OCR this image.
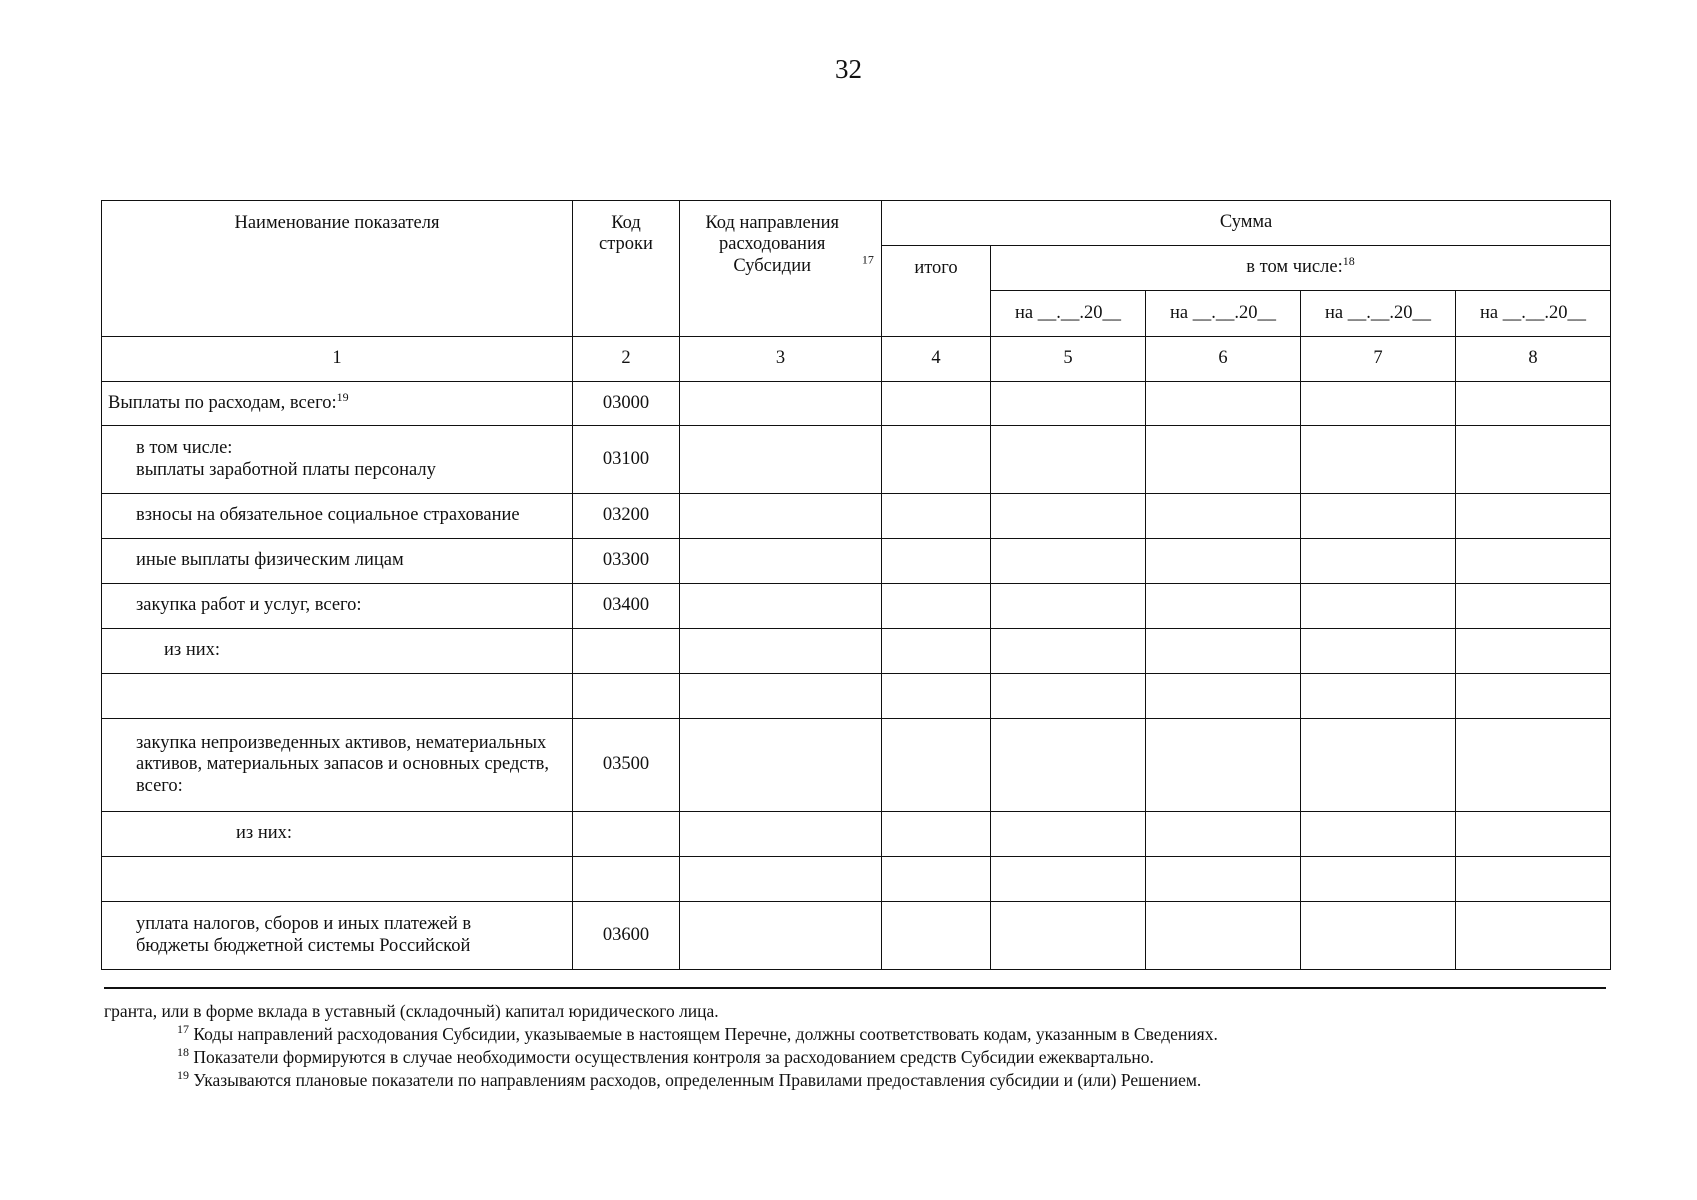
32
Наименование показателя	Код строки	Код направления расходования Субсидии $^{17}$	Сумма				
			итого	в том числе:$^{18}$
				на __.__.20__	на __.__.20__	на __.__.20__	на __.__.20__
1	2	3	4	5	6	7	8
Выплаты по расходам, всего:$^{19}$	03000						

в том числе:
выплаты заработной платы персоналу	03100						
взносы на обязательное социальное страхование	03200						
иные выплаты физическим лицам	03300						
закупка работ и услуг, всего:	03400						
из них:							

закупка непроизведенных активов, нематериальных активов, материальных запасов и основных средств, всего:	03500						
из них:							

уплата налогов, сборов и иных платежей в бюджеты бюджетной системы Российской	03600						
гранта, или в форме вклада в уставный (складочный) капитал юридического лица.
$^{17}$ Коды направлений расходования Субсидии, указываемые в настоящем Перечне, должны соответствовать кодам, указанным в Сведениях.
$^{18}$ Показатели формируются в случае необходимости осуществления контроля за расходованием средств Субсидии ежеквартально.
$^{19}$ Указываются плановые показатели по направлениям расходов, определенным Правилами предоставления субсидии и (или) Решением.
